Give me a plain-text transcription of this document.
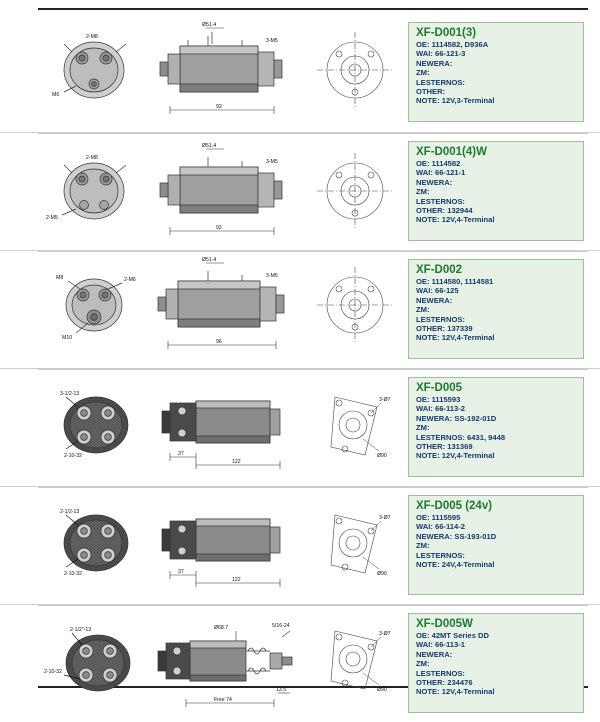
2-M8
M6
Ø51.4
3-M5
92
XF-D001(3)
OE: 1114582, D936A
WAI: 66-121-3
NEWERA:
ZM:
LESTERNOS:
OTHER:
NOTE: 12V,3-Terminal
2-M8
2-M5
Ø51.4
3-M5
92
XF-D001(4)W
OE: 1114582
WAI: 66-121-1
NEWERA:
ZM:
LESTERNOS:
OTHER: 132944
NOTE: 12V,4-Terminal
M8	2-M6
M10
Ø51.4
3-M5
96
XF-D002
OE: 1114580, 1114581
WAI: 66-125
NEWERA:
ZM:
LESTERNOS:
OTHER: 137339
NOTE: 12V,4-Terminal
3-1/2-13
2-10-32	37
122
3-Ø7
Ø90
XF-D005
OE: 1115593
WAI: 66-113-2
NEWERA: SS-192-01D
ZM:
LESTERNOS: 6431, 9448
OTHER: 131369
NOTE: 12V,4-Terminal
2-1/2-13
2-10-32	37
122
3-Ø7
Ø90
XF-D005 (24v)
OE: 1115595
WAI: 66-114-2
NEWERA: SS-193-01D
ZM:
LESTERNOS:
NOTE: 24V,4-Terminal
2-1/2"-13
2-10-32
Ø68.7	5/16-24
13.5
Free 74
3-Ø7
Ø90
XF-D005W
OE: 42MT Series DD
WAI: 66-113-1
NEWERA:
ZM:
LESTERNOS:
OTHER: 234476
NOTE: 12V,4-Terminal
